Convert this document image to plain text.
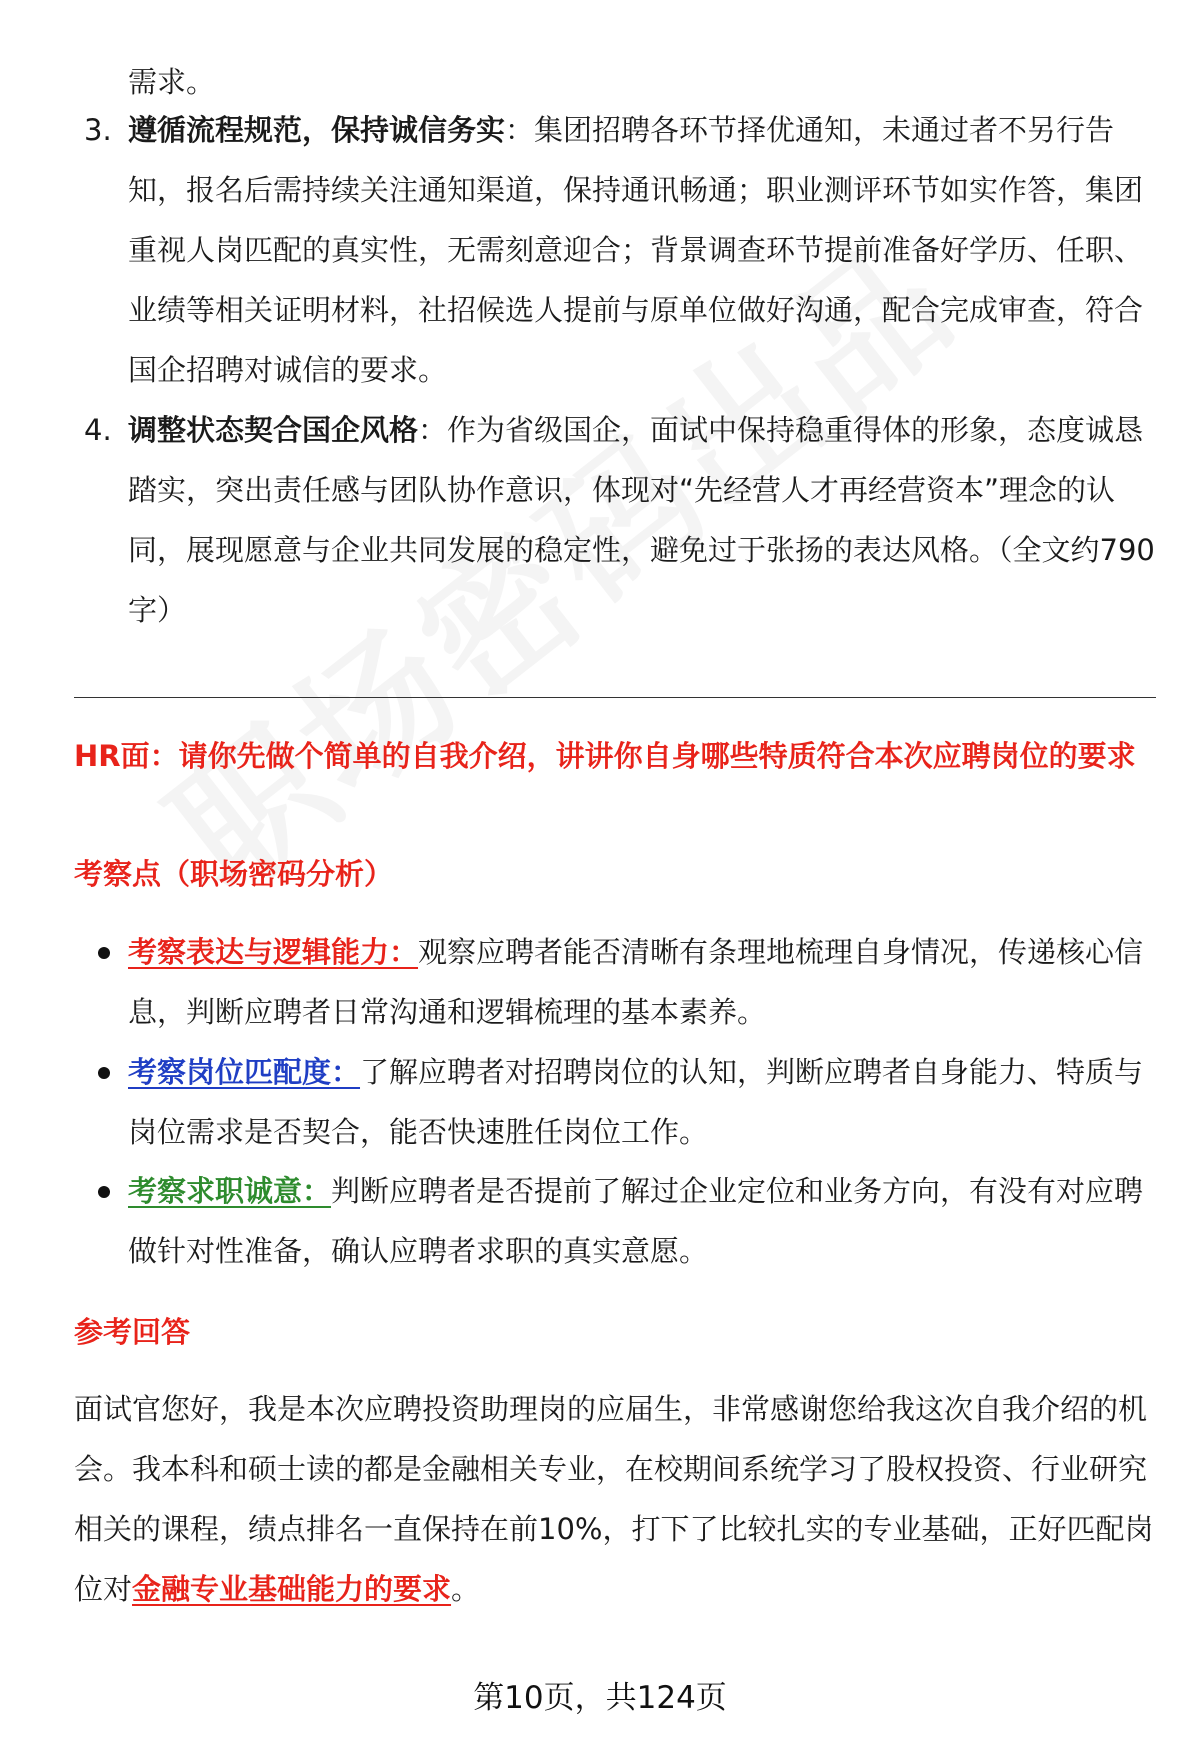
需求。
3. 遵循流程规范，保持诚信务实：集团招聘各环节择优通知，未通过者不另行告知，报名后需持续关注通知渠道，保持通讯畅通；职业测评环节如实作答，集团重视人岗匹配的真实性，无需刻意迎合；背景调查环节提前准备好学历、任职、业绩等相关证明材料，社招候选人提前与原单位做好沟通，配合完成审查，符合国企招聘对诚信的要求。
4. 调整状态契合国企风格：作为省级国企，面试中保持稳重得体的形象，态度诚恳踏实，突出责任感与团队协作意识，体现对“先经营人才再经营资本”理念的认同，展现愿意与企业共同发展的稳定性，避免过于张扬的表达风格。（全文约790字）
HR面：请你先做个简单的自我介绍，讲讲你自身哪些特质符合本次应聘岗位的要求
考察点（职场密码分析）
考察表达与逻辑能力：观察应聘者能否清晰有条理地梳理自身情况，传递核心信息，判断应聘者日常沟通和逻辑梳理的基本素养。
考察岗位匹配度：了解应聘者对招聘岗位的认知，判断应聘者自身能力、特质与岗位需求是否契合，能否快速胜任岗位工作。
考察求职诚意：判断应聘者是否提前了解过企业定位和业务方向，有没有对应聘做针对性准备，确认应聘者求职的真实意愿。
参考回答
面试官您好，我是本次应聘投资助理岗的应届生，非常感谢您给我这次自我介绍的机会。我本科和硕士读的都是金融相关专业，在校期间系统学习了股权投资、行业研究相关的课程，绩点排名一直保持在前10%，打下了比较扎实的专业基础，正好匹配岗位对金融专业基础能力的要求。
第10页，共124页
